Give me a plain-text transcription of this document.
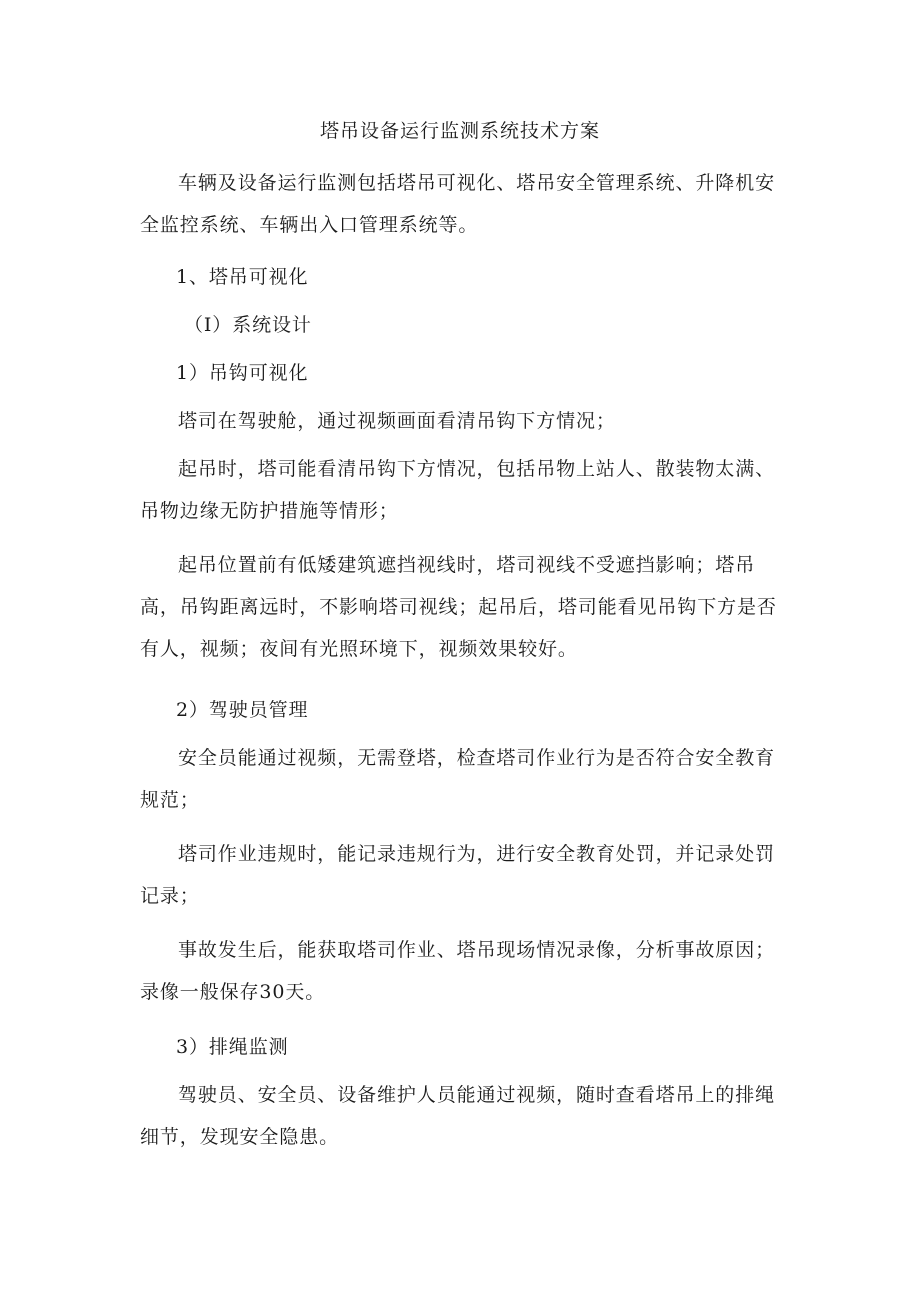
塔吊设备运行监测系统技术方案

车辆及设备运行监测包括塔吊可视化、塔吊安全管理系统、升降机安全监控系统、车辆出入口管理系统等。

1、塔吊可视化

（I）系统设计

1）吊钩可视化

塔司在驾驶舱，通过视频画面看清吊钩下方情况；

起吊时，塔司能看清吊钩下方情况，包括吊物上站人、散装物太满、吊物边缘无防护措施等情形；

起吊位置前有低矮建筑遮挡视线时，塔司视线不受遮挡影响；塔吊高，吊钩距离远时，不影响塔司视线；起吊后，塔司能看见吊钩下方是否有人，视频；夜间有光照环境下，视频效果较好。

2）驾驶员管理

安全员能通过视频，无需登塔，检查塔司作业行为是否符合安全教育规范；

塔司作业违规时，能记录违规行为，进行安全教育处罚，并记录处罚记录；

事故发生后，能获取塔司作业、塔吊现场情况录像，分析事故原因；录像一般保存30天。

3）排绳监测

驾驶员、安全员、设备维护人员能通过视频，随时查看塔吊上的排绳细节，发现安全隐患。
